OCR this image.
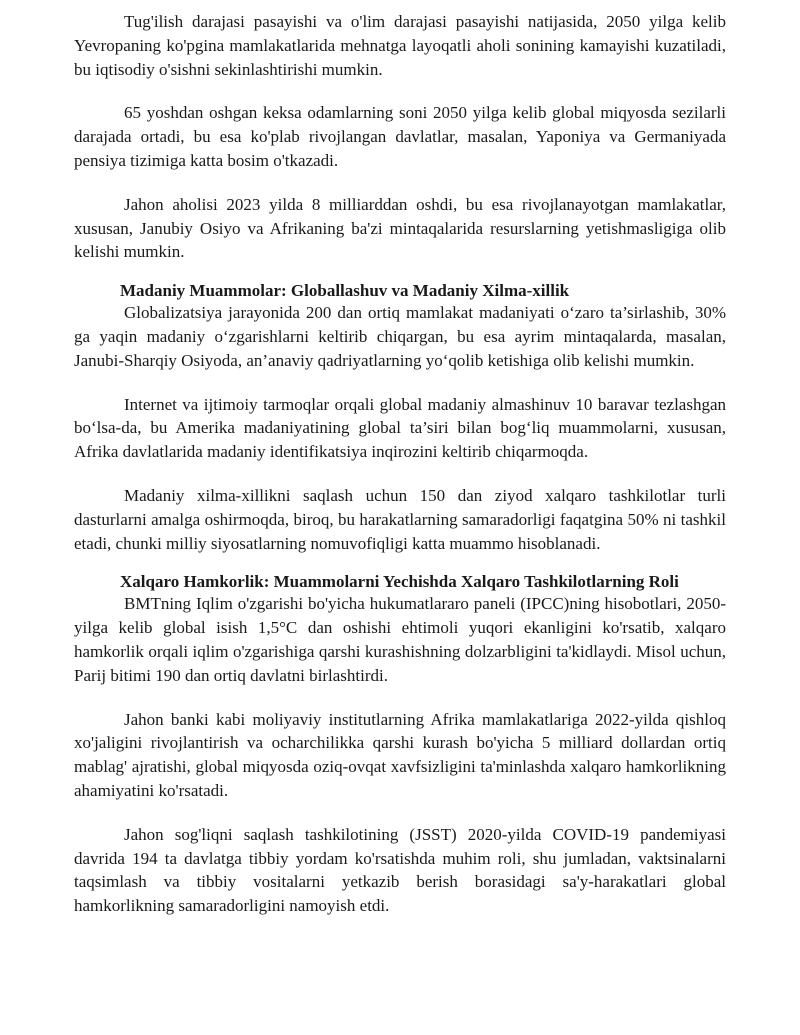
Tug'ilish darajasi pasayishi va o'lim darajasi pasayishi natijasida, 2050 yilga kelib Yevropaning ko'pgina mamlakatlarida mehnatga layoqatli aholi sonining kamayishi kuzatiladi, bu iqtisodiy o'sishni sekinlashtirishi mumkin.

65 yoshdan oshgan keksa odamlarning soni 2050 yilga kelib global miqyosda sezilarli darajada ortadi, bu esa ko'plab rivojlangan davlatlar, masalan, Yaponiya va Germaniyada pensiya tizimiga katta bosim o'tkazadi.

Jahon aholisi 2023 yilda 8 milliarddan oshdi, bu esa rivojlanayotgan mamlakatlar, xususan, Janubiy Osiyo va Afrikaning ba'zi mintaqalarida resurslarning yetishmasligiga olib kelishi mumkin.

Madaniy Muammolar: Globallashuv va Madaniy Xilma-xillik

Globalizatsiya jarayonida 200 dan ortiq mamlakat madaniyati o‘zaro ta’sirlashib, 30% ga yaqin madaniy o‘zgarishlarni keltirib chiqargan, bu esa ayrim mintaqalarda, masalan, Janubi-Sharqiy Osiyoda, an’anaviy qadriyatlarning yo‘qolib ketishiga olib kelishi mumkin.

Internet va ijtimoiy tarmoqlar orqali global madaniy almashinuv 10 baravar tezlashgan bo‘lsa-da, bu Amerika madaniyatining global ta’siri bilan bog‘liq muammolarni, xususan, Afrika davlatlarida madaniy identifikatsiya inqirozini keltirib chiqarmoqda.

Madaniy xilma-xillikni saqlash uchun 150 dan ziyod xalqaro tashkilotlar turli dasturlarni amalga oshirmoqda, biroq, bu harakatlarning samaradorligi faqatgina 50% ni tashkil etadi, chunki milliy siyosatlarning nomuvofiqligi katta muammo hisoblanadi.

Xalqaro Hamkorlik: Muammolarni Yechishda Xalqaro Tashkilotlarning Roli

BMTning Iqlim o'zgarishi bo'yicha hukumatlararo paneli (IPCC)ning hisobotlari, 2050-yilga kelib global isish 1,5°C dan oshishi ehtimoli yuqori ekanligini ko'rsatib, xalqaro hamkorlik orqali iqlim o'zgarishiga qarshi kurashishning dolzarbligini ta'kidlaydi. Misol uchun, Parij bitimi 190 dan ortiq davlatni birlashtirdi.

Jahon banki kabi moliyaviy institutlarning Afrika mamlakatlariga 2022-yilda qishloq xo'jaligini rivojlantirish va ocharchilikka qarshi kurash bo'yicha 5 milliard dollardan ortiq mablag' ajratishi, global miqyosda oziq-ovqat xavfsizligini ta'minlashda xalqaro hamkorlikning ahamiyatini ko'rsatadi.

Jahon sog'liqni saqlash tashkilotining (JSST) 2020-yilda COVID-19 pandemiyasi davrida 194 ta davlatga tibbiy yordam ko'rsatishda muhim roli, shu jumladan, vaktsinalarni taqsimlash va tibbiy vositalarni yetkazib berish borasidagi sa'y-harakatlari global hamkorlikning samaradorligini namoyish etdi.
